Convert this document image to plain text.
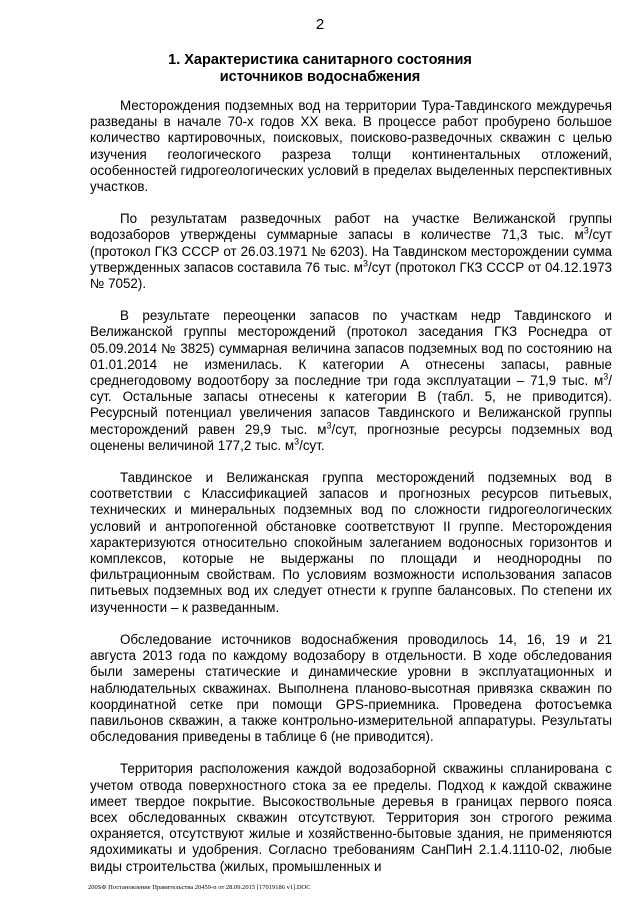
2
1. Характеристика санитарного состояния
источников водоснабжения

Месторождения подземных вод на территории Тура-Тавдинского междуречья разведаны в начале 70-х годов XX века. В процессе работ пробурено большое количество картировочных, поисковых, поисково-разведочных скважин с целью изучения геологического разреза толщи континентальных отложений, особенностей гидрогеологических условий в пределах выделенных перспективных участков.

По результатам разведочных работ на участке Велижанской группы водозаборов утверждены суммарные запасы в количестве 71,3 тыс. $м^3$/сут (протокол ГКЗ СССР от 26.03.1971 № 6203). На Тавдинском месторождении сумма утвержденных запасов составила 76 тыс. $м^3$/сут (протокол ГКЗ СССР от 04.12.1973 № 7052).

В результате переоценки запасов по участкам недр Тавдинского и Велижанской группы месторождений (протокол заседания ГКЗ Роснедра от 05.09.2014 № 3825) суммарная величина запасов подземных вод по состоянию на 01.01.2014 не изменилась. К категории А отнесены запасы, равные среднегодовому водоотбору за последние три года эксплуатации – 71,9 тыс. $м^3$/сут. Остальные запасы отнесены к категории В (табл. 5, не приводится). Ресурсный потенциал увеличения запасов Тавдинского и Велижанской группы месторождений равен 29,9 тыс. $м^3$/сут, прогнозные ресурсы подземных вод оценены величиной 177,2 тыс. $м^3$/сут.

Тавдинское и Велижанская группа месторождений подземных вод в соответствии с Классификацией запасов и прогнозных ресурсов питьевых, технических и минеральных подземных вод по сложности гидрогеологических условий и антропогенной обстановке соответствуют II группе. Месторождения характеризуются относительно спокойным залеганием водоносных горизонтов и комплексов, которые не выдержаны по площади и неоднородны по фильтрационным свойствам. По условиям возможности использования запасов питьевых подземных вод их следует отнести к группе балансовых. По степени их изученности – к разведанным.

Обследование источников водоснабжения проводилось 14, 16, 19 и 21 августа 2013 года по каждому водозабору в отдельности. В ходе обследования были замерены статические и динамические уровни в эксплуатационных и наблюдательных скважинах. Выполнена планово-высотная привязка скважин по координатной сетке при помощи GPS-приемника. Проведена фотосъемка павильонов скважин, а также контрольно-измерительной аппаратуры. Результаты обследования приведены в таблице 6 (не приводится).

Территория расположения каждой водозаборной скважины спланирована с учетом отвода поверхностного стока за ее пределы. Подход к каждой скважине имеет твердое покрытие. Высокоствольные деревья в границах первого пояса всех обследованных скважин отсутствуют. Территория зон строгого режима охраняется, отсутствуют жилые и хозяйственно-бытовые здания, не применяются ядохимикаты и удобрения. Согласно требованиям СанПиН 2.1.4.1110-02, любые виды строительства (жилых, промышленных и

200SФ Постановление Правительства 20459-п от 28.09.2015 [17019186 v1].DOC
